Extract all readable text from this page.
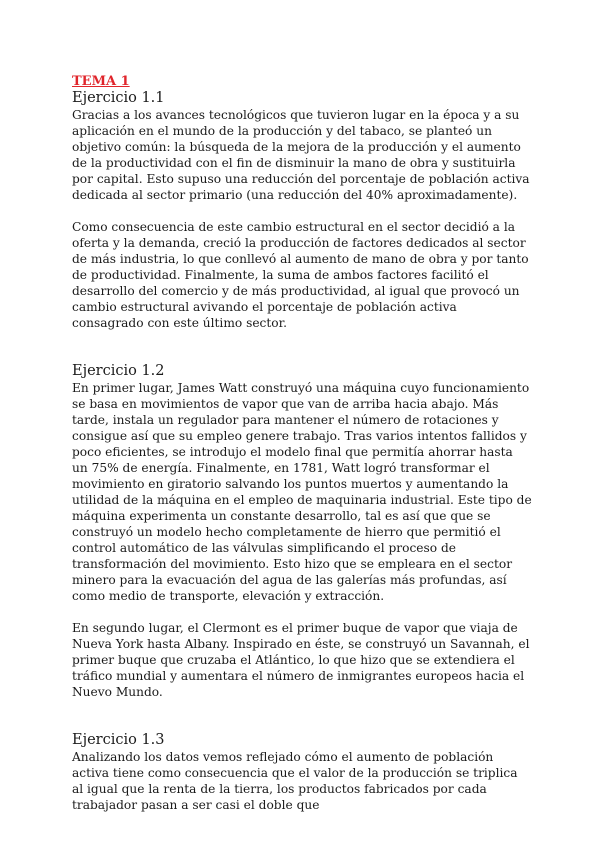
TEMA 1

Ejercicio 1.1

Gracias a los avances tecnológicos que tuvieron lugar en la época y a su aplicación en el mundo de la producción y del tabaco, se planteó un objetivo común: la búsqueda de la mejora de la producción y el aumento de la productividad con el fin de disminuir la mano de obra y sustituirla por capital. Esto supuso una reducción del porcentaje de población activa dedicada al sector primario (una reducción del 40% aproximadamente).

Como consecuencia de este cambio estructural en el sector decidió a la oferta y la demanda, creció la producción de factores dedicados al sector de más industria, lo que conllevó al aumento de mano de obra y por tanto de productividad. Finalmente, la suma de ambos factores facilitó el desarrollo del comercio y de más productividad, al igual que provocó un cambio estructural avivando el porcentaje de población activa consagrado con este último sector.

Ejercicio 1.2

En primer lugar, James Watt construyó una máquina cuyo funcionamiento se basa en movimientos de vapor que van de arriba hacia abajo. Más tarde, instala un regulador para mantener el número de rotaciones y consigue así que su empleo genere trabajo. Tras varios intentos fallidos y poco eficientes, se introdujo el modelo final que permitía ahorrar hasta un 75% de energía. Finalmente, en 1781, Watt logró transformar el movimiento en giratorio salvando los puntos muertos y aumentando la utilidad de la máquina en el empleo de maquinaria industrial. Este tipo de máquina experimenta un constante desarrollo, tal es así que que se construyó un modelo hecho completamente de hierro que permitió el control automático de las válvulas simplificando el proceso de transformación del movimiento. Esto hizo que se empleara en el sector minero para la evacuación del agua de las galerías más profundas, así como medio de transporte, elevación y extracción.

En segundo lugar, el Clermont es el primer buque de vapor que viaja de Nueva York hasta Albany. Inspirado en éste, se construyó un Savannah, el primer buque que cruzaba el Atlántico, lo que hizo que se extendiera el tráfico mundial y aumentara el número de inmigrantes europeos hacia el Nuevo Mundo.

Ejercicio 1.3

Analizando los datos vemos reflejado cómo el aumento de población activa tiene como consecuencia que el valor de la producción se triplica al igual que la renta de la tierra, los productos fabricados por cada trabajador pasan a ser casi el doble que
